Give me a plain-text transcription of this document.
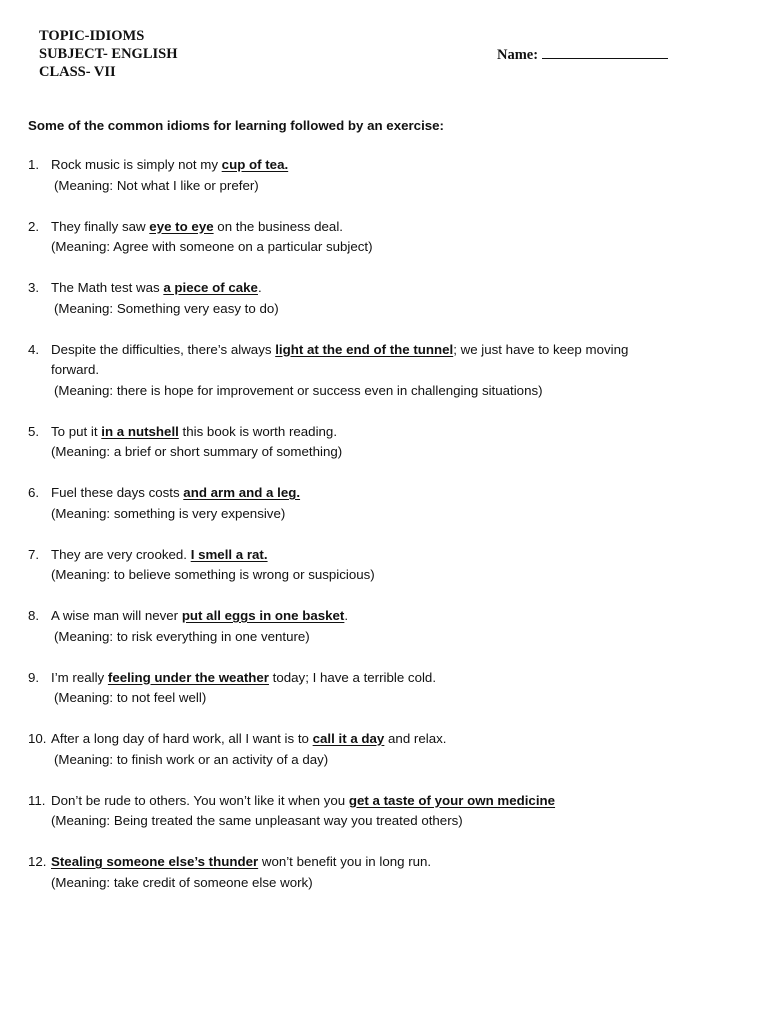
TOPIC-IDIOMS
SUBJECT- ENGLISH
CLASS- VII
Name:
Some of the common idioms for learning followed by an exercise:
1. Rock music is simply not my cup of tea.
(Meaning: Not what I like or prefer)
2. They finally saw eye to eye on the business deal.
(Meaning: Agree with someone on a particular subject)
3. The Math test was a piece of cake.
(Meaning: Something very easy to do)
4. Despite the difficulties, there’s always light at the end of the tunnel; we just have to keep moving forward.
(Meaning: there is hope for improvement or success even in challenging situations)
5. To put it in a nutshell this book is worth reading.
(Meaning: a brief or short summary of something)
6. Fuel these days costs and arm and a leg.
(Meaning: something is very expensive)
7. They are very crooked. I smell a rat.
(Meaning: to believe something is wrong or suspicious)
8. A wise man will never put all eggs in one basket.
(Meaning: to risk everything in one venture)
9. I’m really feeling under the weather today; I have a terrible cold.
(Meaning: to not feel well)
10. After a long day of hard work, all I want is to call it a day and relax.
(Meaning: to finish work or an activity of a day)
11. Don’t be rude to others. You won’t like it when you get a taste of your own medicine
(Meaning: Being treated the same unpleasant way you treated others)
12. Stealing someone else’s thunder won’t benefit you in long run.
(Meaning: take credit of someone else work)
